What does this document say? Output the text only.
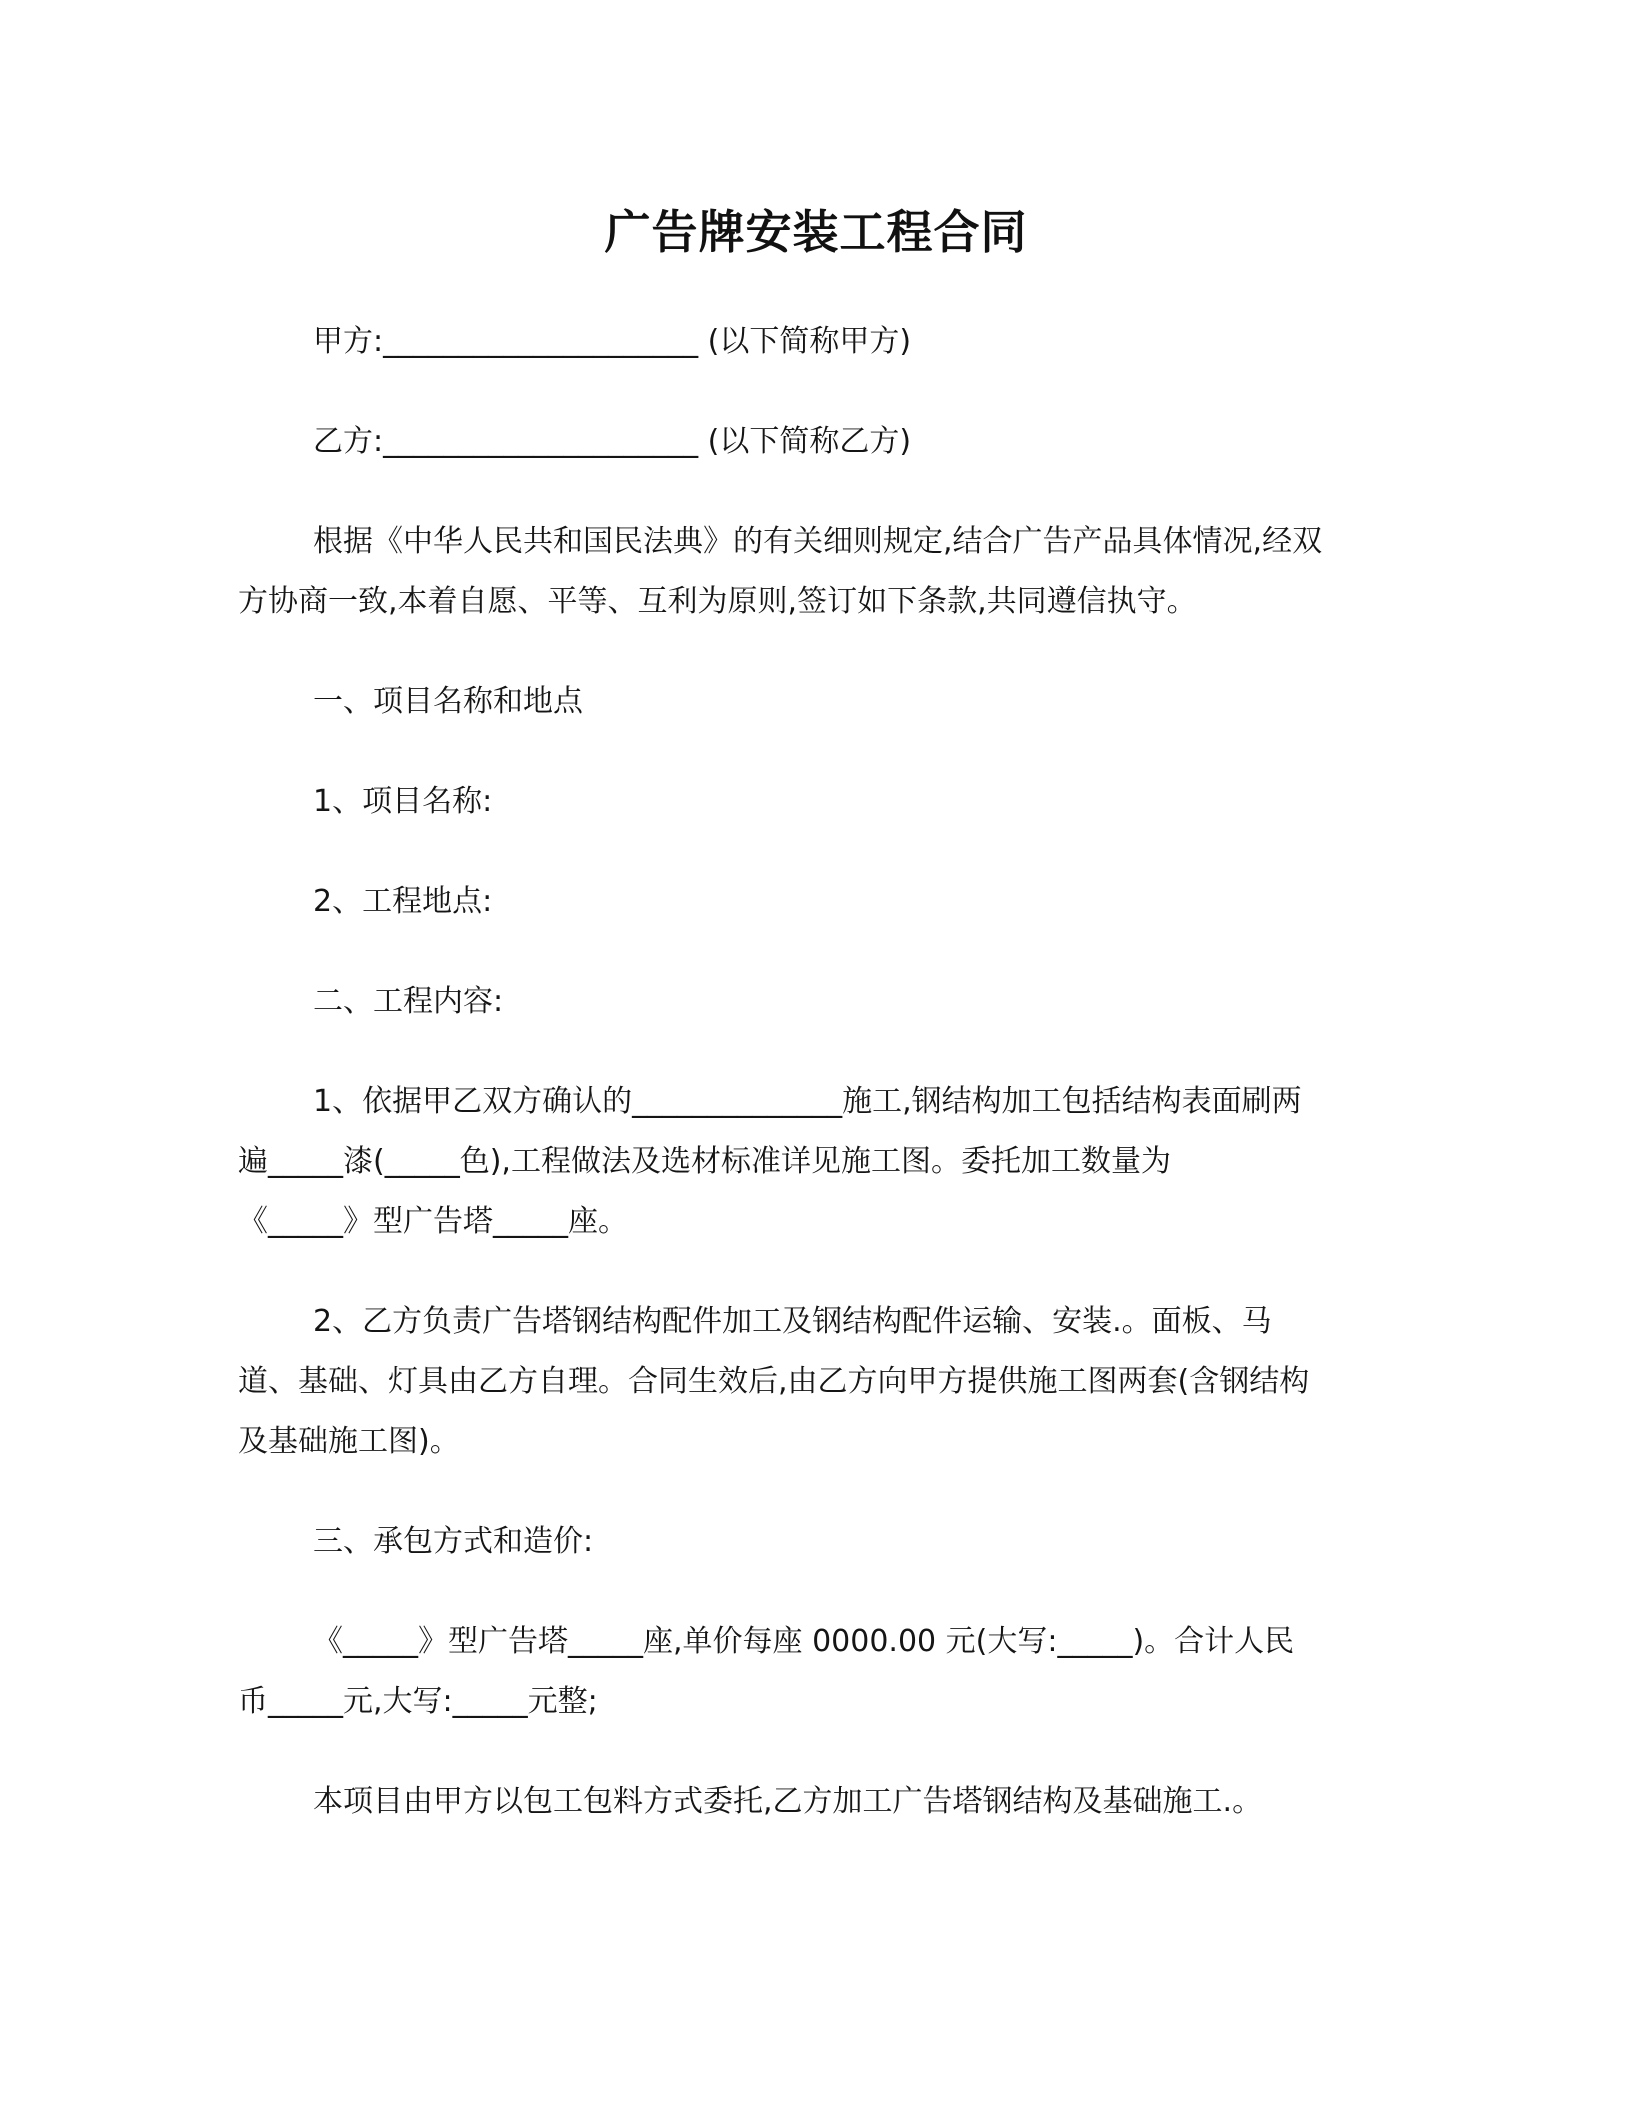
广告牌安装工程合同
甲方:_____________________ (以下简称甲方)
乙方:_____________________ (以下简称乙方)
根据《中华人民共和国民法典》的有关细则规定,结合广告产品具体情况,经双
方协商一致,本着自愿、平等、互利为原则,签订如下条款,共同遵信执守。
一、项目名称和地点
1、项目名称:
2、工程地点:
二、工程内容:
1、依据甲乙双方确认的______________施工,钢结构加工包括结构表面刷两
遍_____漆(_____色),工程做法及选材标准详见施工图。委托加工数量为
《_____》型广告塔_____座。
2、乙方负责广告塔钢结构配件加工及钢结构配件运输、安装.。面板、马
道、基础、灯具由乙方自理。合同生效后,由乙方向甲方提供施工图两套(含钢结构
及基础施工图)。
三、承包方式和造价:
《_____》型广告塔_____座,单价每座 0000.00 元(大写:_____)。合计人民
币_____元,大写:_____元整;
本项目由甲方以包工包料方式委托,乙方加工广告塔钢结构及基础施工.。
